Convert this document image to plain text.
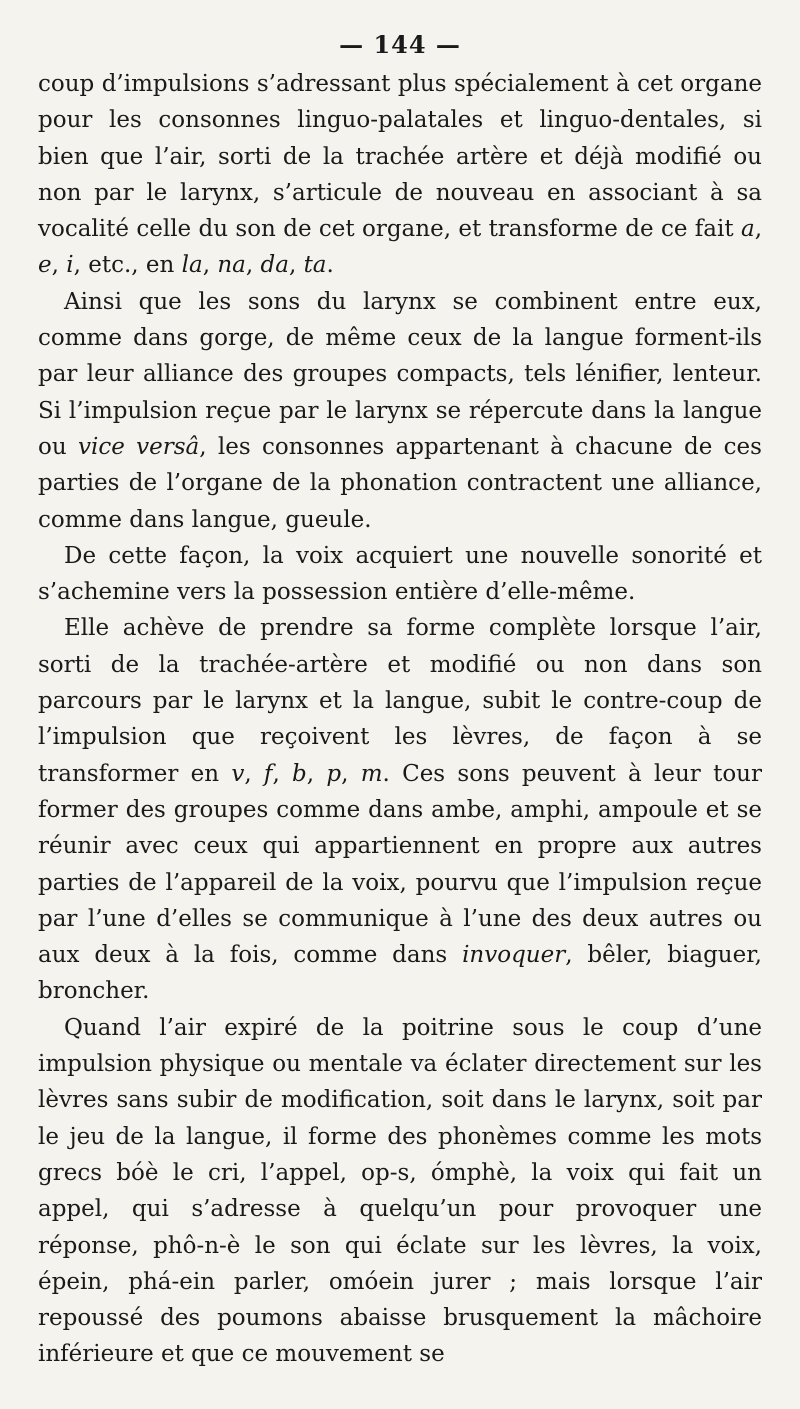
— 144 —

coup d’impulsions s’adressant plus spécialement à cet organe pour les consonnes linguo-palatales et linguo-dentales, si bien que l’air, sorti de la trachée artère et déjà modifié ou non par le larynx, s’articule de nouveau en associant à sa vocalité celle du son de cet organe, et transforme de ce fait a, e, i, etc., en la, na, da, ta.

Ainsi que les sons du larynx se combinent entre eux, comme dans gorge, de même ceux de la langue forment-ils par leur alliance des groupes compacts, tels lénifier, lenteur. Si l’impulsion reçue par le larynx se répercute dans la langue ou vice versâ, les consonnes appartenant à chacune de ces parties de l’organe de la phonation contractent une alliance, comme dans langue, gueule.

De cette façon, la voix acquiert une nouvelle sonorité et s’achemine vers la possession entière d’elle-même.

Elle achève de prendre sa forme complète lorsque l’air, sorti de la trachée-artère et modifié ou non dans son parcours par le larynx et la langue, subit le contre-coup de l’impulsion que reçoivent les lèvres, de façon à se transformer en v, f, b, p, m. Ces sons peuvent à leur tour former des groupes comme dans ambe, amphi, ampoule et se réunir avec ceux qui appartiennent en propre aux autres parties de l’appareil de la voix, pourvu que l’impulsion reçue par l’une d’elles se communique à l’une des deux autres ou aux deux à la fois, comme dans invoquer, bêler, biaguer, broncher.

Quand l’air expiré de la poitrine sous le coup d’une impulsion physique ou mentale va éclater directement sur les lèvres sans subir de modification, soit dans le larynx, soit par le jeu de la langue, il forme des phonèmes comme les mots grecs bóè le cri, l’appel, op-s, ómphè, la voix qui fait un appel, qui s’adresse à quelqu’un pour provoquer une réponse, phô-n-è le son qui éclate sur les lèvres, la voix, épein, phá-ein parler, omóein jurer ; mais lorsque l’air repoussé des poumons abaisse brusquement la mâchoire inférieure et que ce mouvement se
